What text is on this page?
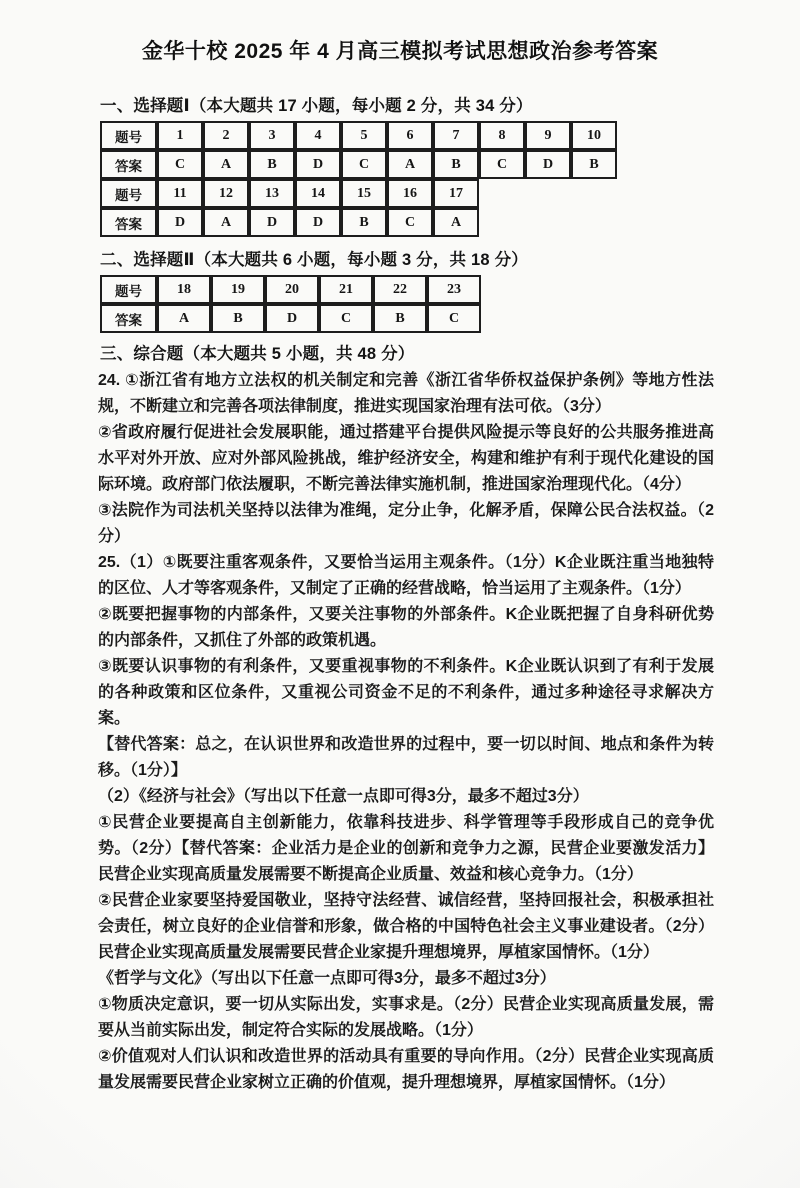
金华十校 2025 年 4 月高三模拟考试思想政治参考答案
一、选择题Ⅰ（本大题共 17 小题，每小题 2 分，共 34 分）
题号	1	2	3	4	5	6	7	8	9	10
答案	C	A	B	D	C	A	B	C	D	B
题号	11	12	13	14	15	16	17			
答案	D	A	D	D	B	C	A			
二、选择题Ⅱ（本大题共 6 小题，每小题 3 分，共 18 分）
题号	18	19	20	21	22	23
答案	A	B	D	C	B	C
三、综合题（本大题共 5 小题，共 48 分）

24. ①浙江省有地方立法权的机关制定和完善《浙江省华侨权益保护条例》等地方性法规，不断建立和完善各项法律制度，推进实现国家治理有法可依。（3分）

②省政府履行促进社会发展职能，通过搭建平台提供风险提示等良好的公共服务推进高水平对外开放、应对外部风险挑战，维护经济安全，构建和维护有利于现代化建设的国际环境。政府部门依法履职，不断完善法律实施机制，推进国家治理现代化。（4分）

③法院作为司法机关坚持以法律为准绳，定分止争，化解矛盾，保障公民合法权益。（2分）

25.（1）①既要注重客观条件，又要恰当运用主观条件。（1分）K企业既注重当地独特的区位、人才等客观条件，又制定了正确的经营战略，恰当运用了主观条件。（1分）

②既要把握事物的内部条件，又要关注事物的外部条件。K企业既把握了自身科研优势的内部条件，又抓住了外部的政策机遇。

③既要认识事物的有利条件，又要重视事物的不利条件。K企业既认识到了有利于发展的各种政策和区位条件，又重视公司资金不足的不利条件，通过多种途径寻求解决方案。

【替代答案：总之，在认识世界和改造世界的过程中，要一切以时间、地点和条件为转移。（1分）】

（2）《经济与社会》（写出以下任意一点即可得3分，最多不超过3分）

①民营企业要提高自主创新能力，依靠科技进步、科学管理等手段形成自己的竞争优势。（2分）【替代答案：企业活力是企业的创新和竞争力之源，民营企业要激发活力】民营企业实现高质量发展需要不断提高企业质量、效益和核心竞争力。（1分）

②民营企业家要坚持爱国敬业，坚持守法经营、诚信经营，坚持回报社会，积极承担社会责任，树立良好的企业信誉和形象，做合格的中国特色社会主义事业建设者。（2分）民营企业实现高质量发展需要民营企业家提升理想境界，厚植家国情怀。（1分）

《哲学与文化》（写出以下任意一点即可得3分，最多不超过3分）

①物质决定意识，要一切从实际出发，实事求是。（2分）民营企业实现高质量发展，需要从当前实际出发，制定符合实际的发展战略。（1分）

②价值观对人们认识和改造世界的活动具有重要的导向作用。（2分）民营企业实现高质量发展需要民营企业家树立正确的价值观，提升理想境界，厚植家国情怀。（1分）
